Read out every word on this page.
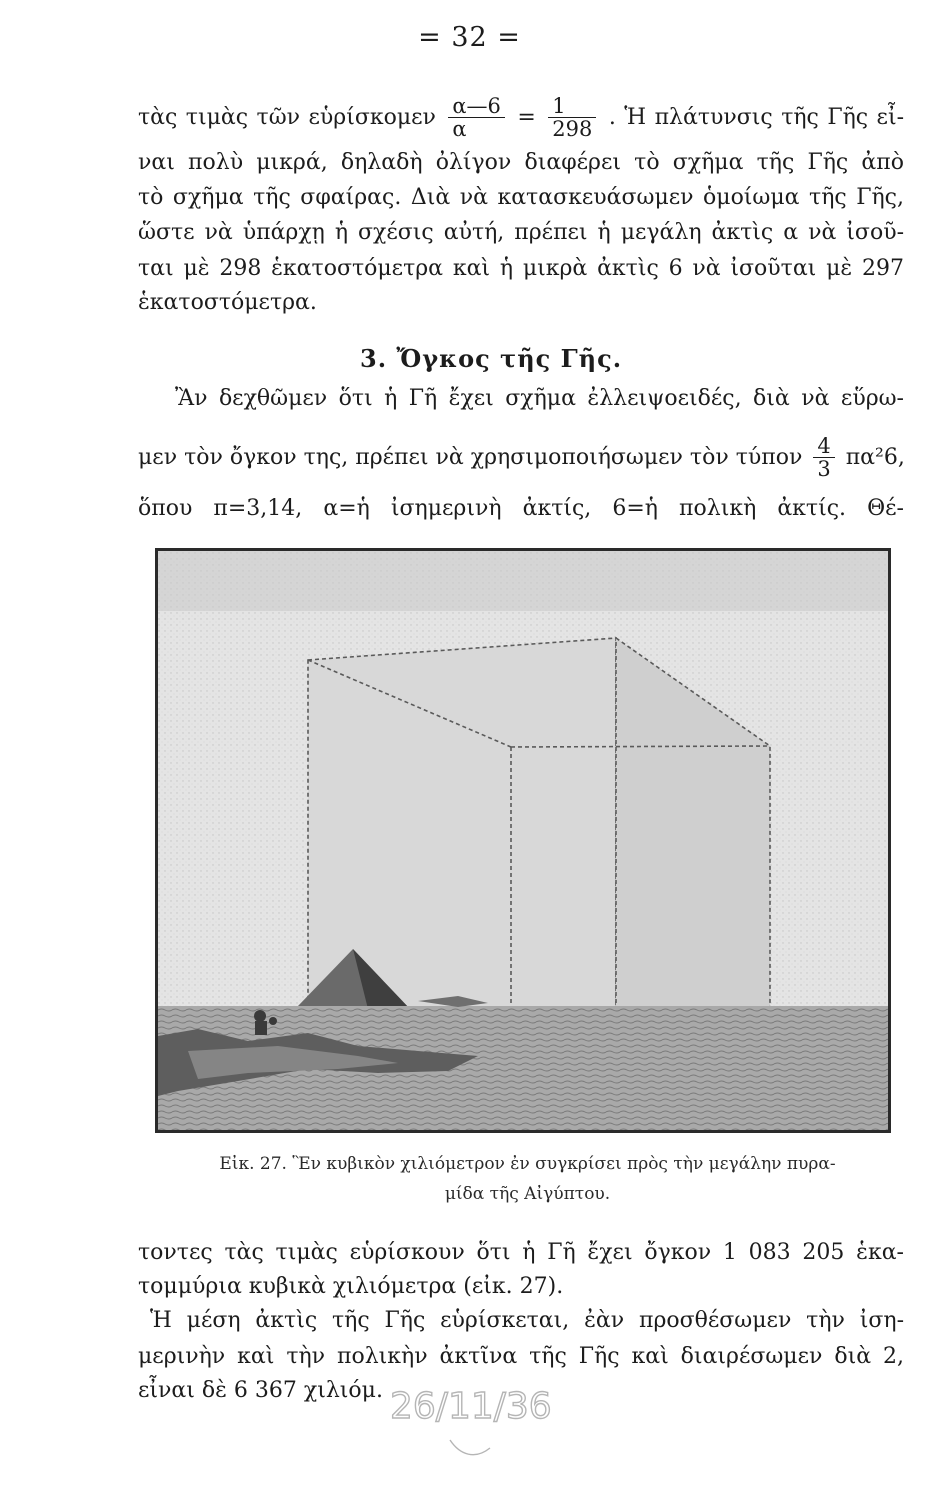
= 32 =
τὰς τιμὰς τῶν εὑρίσκομεν $\frac{\alpha—6}{\alpha} = \frac{1}{298}$ . Ἡ πλάτυνσις τῆς Γῆς εἶ-
ναι πολὺ μικρά, δηλαδὴ ὀλίγον διαφέρει τὸ σχῆμα τῆς Γῆς ἀπὸ
τὸ σχῆμα τῆς σφαίρας. Διὰ νὰ κατασκευάσωμεν ὁμοίωμα τῆς Γῆς,
ὥστε νὰ ὑπάρχῃ ἡ σχέσις αὐτή, πρέπει ἡ μεγάλη ἀκτὶς α νὰ ἰσοῦ-
ται μὲ 298 ἑκατοστόμετρα καὶ ἡ μικρὰ ἀκτὶς 6 νὰ ἰσοῦται μὲ 297
ἑκατοστόμετρα.
3. Ὄγκος τῆς Γῆς.
Ἂν δεχθῶμεν ὅτι ἡ Γῆ ἔχει σχῆμα ἐλλειψοειδές, διὰ νὰ εὕρω-
μεν τὸν ὄγκον της, πρέπει νὰ χρησιμοποιήσωμεν τὸν τύπον $\frac{4}{3} \pi\alpha^26$,
ὅπου π=3,14, α=ἡ ἰσημερινὴ ἀκτίς, 6=ἡ πολικὴ ἀκτίς. Θέ-
Εἰκ. 27. Ἓν κυβικὸν χιλιόμετρον ἐν συγκρίσει πρὸς τὴν μεγάλην πυρα-
μίδα τῆς Αἰγύπτου.
τοντες τὰς τιμὰς εὑρίσκουν ὅτι ἡ Γῆ ἔχει ὄγκον 1 083 205 ἑκα-
τομμύρια κυβικὰ χιλιόμετρα (εἰκ. 27).
Ἡ μέση ἀκτὶς τῆς Γῆς εὑρίσκεται, ἐὰν προσθέσωμεν τὴν ἰση-
μερινὴν καὶ τὴν πολικὴν ἀκτῖνα τῆς Γῆς καὶ διαιρέσωμεν διὰ 2,
εἶναι δὲ 6 367 χιλιόμ. 26/11/36
